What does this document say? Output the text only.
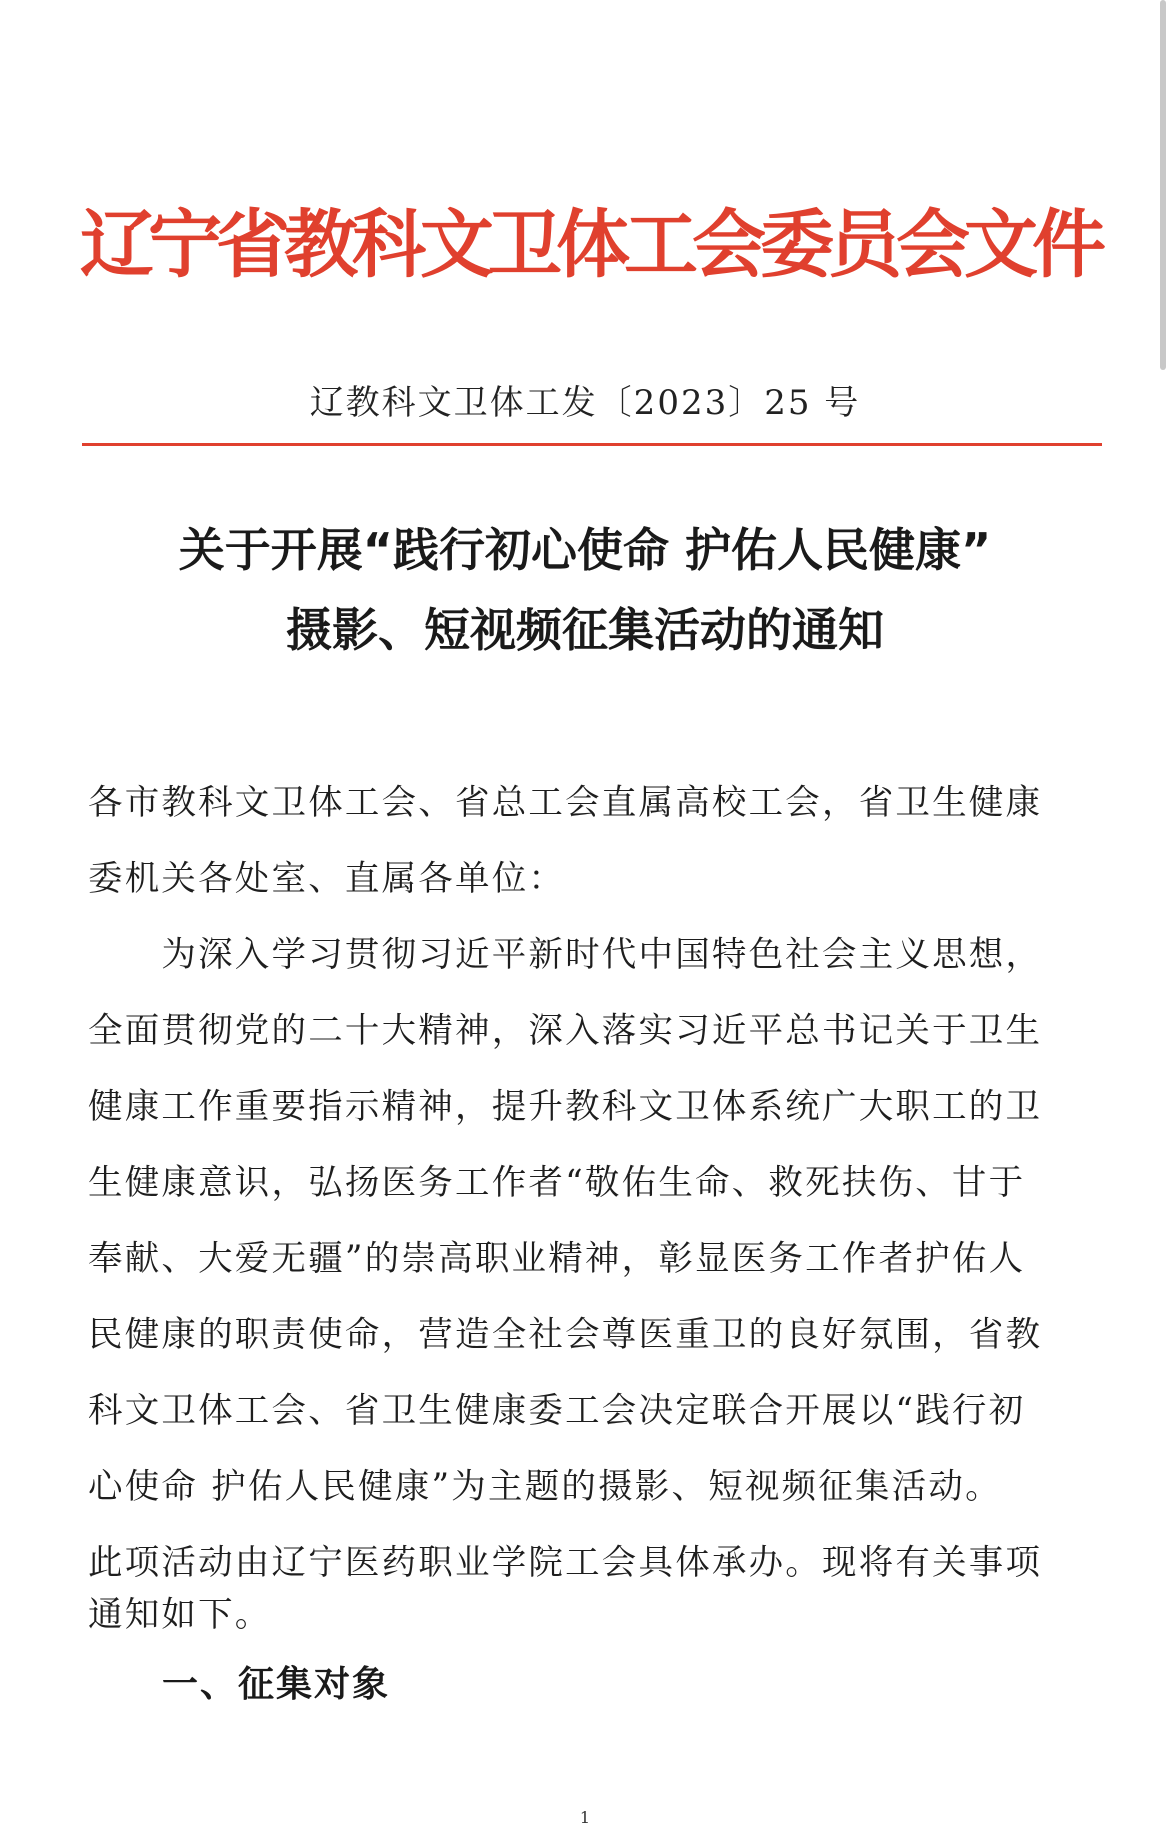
辽宁省教科文卫体工会委员会文件
辽教科文卫体工发〔2023〕25 号
关于开展“践行初心使命 护佑人民健康”
摄影、短视频征集活动的通知
各市教科文卫体工会、省总工会直属高校工会，省卫生健康
委机关各处室、直属各单位：
　　为深入学习贯彻习近平新时代中国特色社会主义思想，
全面贯彻党的二十大精神，深入落实习近平总书记关于卫生
健康工作重要指示精神，提升教科文卫体系统广大职工的卫
生健康意识，弘扬医务工作者“敬佑生命、救死扶伤、甘于
奉献、大爱无疆”的崇高职业精神，彰显医务工作者护佑人
民健康的职责使命，营造全社会尊医重卫的良好氛围，省教
科文卫体工会、省卫生健康委工会决定联合开展以“践行初
心使命 护佑人民健康”为主题的摄影、短视频征集活动。
此项活动由辽宁医药职业学院工会具体承办。现将有关事项
通知如下。
一、征集对象
1
